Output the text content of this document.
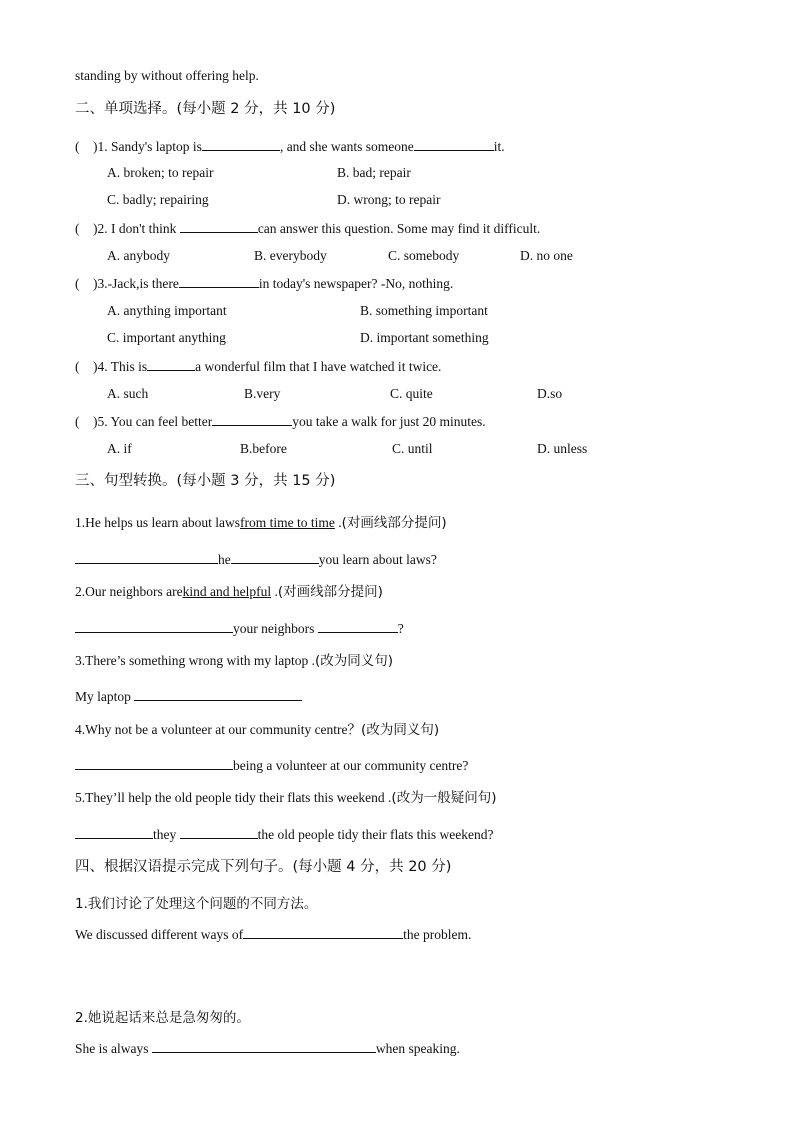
standing by without offering help.
二、单项选择。(每小题 2 分，共 10 分)
(    )1. Sandy's laptop is	, and she wants someone	it.
A. broken; to repair	B. bad; repair
C. badly; repairing	D. wrong; to repair
(    )2. I don't think	can answer this question. Some may find it difficult.
A. anybody	B. everybody	C. somebody	D. no one
(    )3.-Jack,is there	in today's newspaper? -No, nothing.
A. anything important	B. something important
C. important anything	D. important something
(    )4. This is	a wonderful film that I have watched it twice.
A. such	B.very	C. quite	D.so
(    )5. You can feel better	you take a walk for just 20 minutes.
A. if	B.before	C. until	D. unless
三、句型转换。(每小题 3 分，共 15 分)
1.He helps us learn about lawsfrom time to time .(对画线部分提问)
he	you learn about laws?
2.Our neighbors arekind and helpful .(对画线部分提问)
your neighbors	?
3.There’s something wrong with my laptop .(改为同义句)
My laptop
4.Why not be a volunteer at our community centre？(改为同义句)
being a volunteer at our community centre?
5.They’ll help the old people tidy their flats this weekend .(改为一般疑问句)
they	the old people tidy their flats this weekend?
四、根据汉语提示完成下列句子。(每小题 4 分，共 20 分)
1.我们讨论了处理这个问题的不同方法。
We discussed different ways of	the problem.
2.她说起话来总是急匆匆的。
She is always	when speaking.
